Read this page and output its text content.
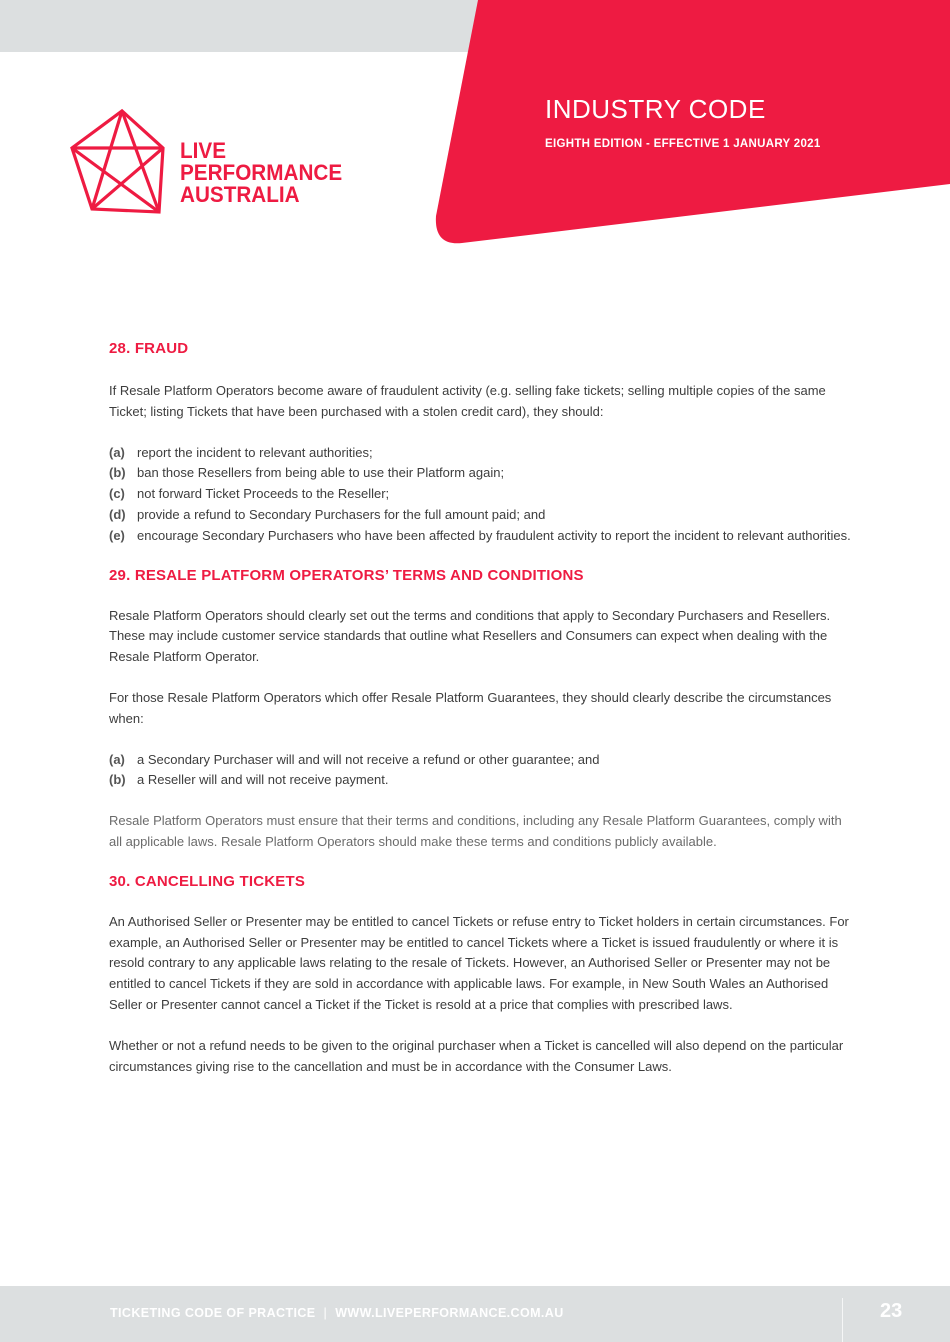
INDUSTRY CODE
EIGHTH EDITION - EFFECTIVE 1 JANUARY 2021
LIVE
PERFORMANCE
AUSTRALIA
28. FRAUD

If Resale Platform Operators become aware of fraudulent activity (e.g. selling fake tickets; selling multiple copies of the same Ticket; listing Tickets that have been purchased with a stolen credit card), they should:

(a) report the incident to relevant authorities;
(b) ban those Resellers from being able to use their Platform again;
(c) not forward Ticket Proceeds to the Reseller;
(d) provide a refund to Secondary Purchasers for the full amount paid; and
(e) encourage Secondary Purchasers who have been affected by fraudulent activity to report the incident to relevant authorities.
29. RESALE PLATFORM OPERATORS’ TERMS AND CONDITIONS

Resale Platform Operators should clearly set out the terms and conditions that apply to Secondary Purchasers and Resellers. These may include customer service standards that outline what Resellers and Consumers can expect when dealing with the Resale Platform Operator.

For those Resale Platform Operators which offer Resale Platform Guarantees, they should clearly describe the circumstances when:

(a) a Secondary Purchaser will and will not receive a refund or other guarantee; and
(b) a Reseller will and will not receive payment.

Resale Platform Operators must ensure that their terms and conditions, including any Resale Platform Guarantees, comply with all applicable laws. Resale Platform Operators should make these terms and conditions publicly available.

30. CANCELLING TICKETS

An Authorised Seller or Presenter may be entitled to cancel Tickets or refuse entry to Ticket holders in certain circumstances. For example, an Authorised Seller or Presenter may be entitled to cancel Tickets where a Ticket is issued fraudulently or where it is resold contrary to any applicable laws relating to the resale of Tickets. However, an Authorised Seller or Presenter may not be entitled to cancel Tickets if they are sold in accordance with applicable laws. For example, in New South Wales an Authorised Seller or Presenter cannot cancel a Ticket if the Ticket is resold at a price that complies with prescribed laws.

Whether or not a refund needs to be given to the original purchaser when a Ticket is cancelled will also depend on the particular circumstances giving rise to the cancellation and must be in accordance with the Consumer Laws.

TICKETING CODE OF PRACTICE | WWW.LIVEPERFORMANCE.COM.AU	23
